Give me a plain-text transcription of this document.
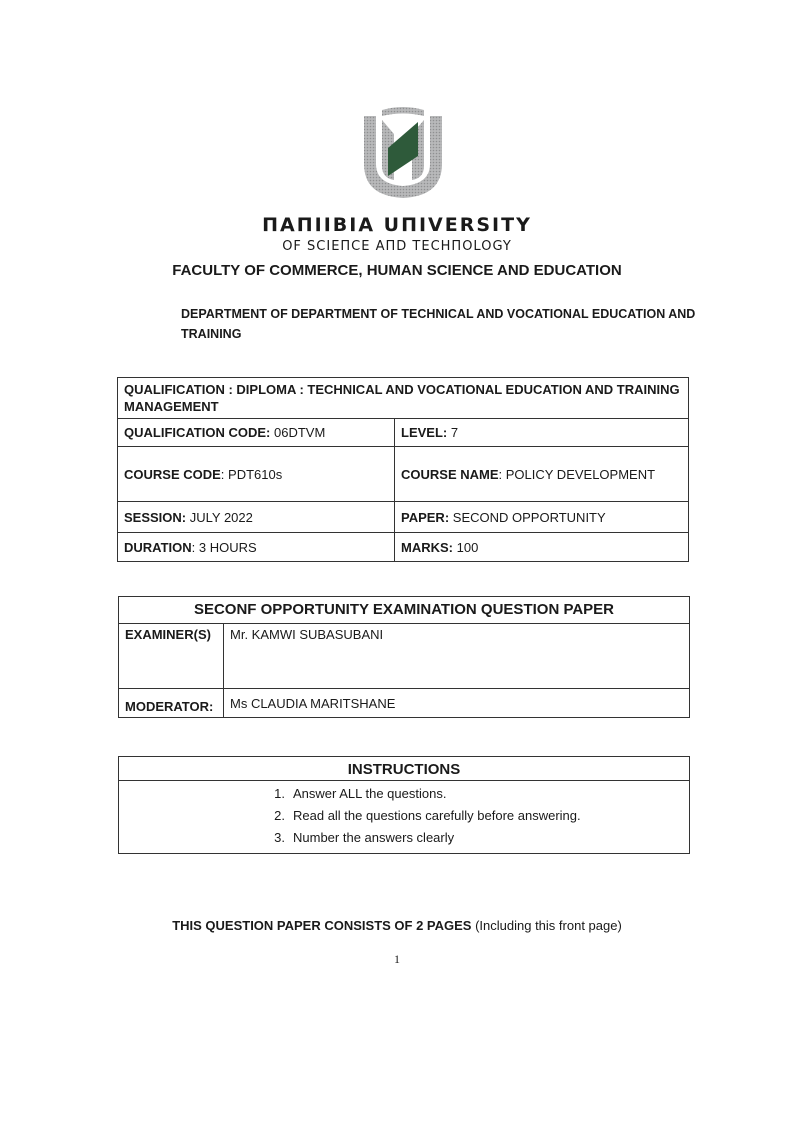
ΠΑΠΙΙΒΙΑ UΠΙVERSITY
OF SCIEΠCE ΑΠD TECHΠOLOGY
FACULTY OF COMMERCE, HUMAN SCIENCE AND EDUCATION
DEPARTMENT OF DEPARTMENT OF TECHNICAL AND VOCATIONAL EDUCATION AND TRAINING
QUALIFICATION : DIPLOMA : TECHNICAL AND VOCATIONAL EDUCATION AND TRAINING MANAGEMENT	
QUALIFICATION CODE: 06DTVM	LEVEL: 7
COURSE CODE: PDT610s	COURSE NAME: POLICY DEVELOPMENT
SESSION: JULY 2022	PAPER: SECOND OPPORTUNITY
DURATION: 3 HOURS	MARKS: 100
SECONF OPPORTUNITY EXAMINATION QUESTION PAPER	
EXAMINER(S)	Mr. KAMWI SUBASUBANI
MODERATOR:	Ms CLAUDIA MARITSHANE
INSTRUCTIONS

1. Answer ALL the questions.
2. Read all the questions carefully before answering.
3. Number the answers clearly
THIS QUESTION PAPER CONSISTS OF 2 PAGES (Including this front page)
1
